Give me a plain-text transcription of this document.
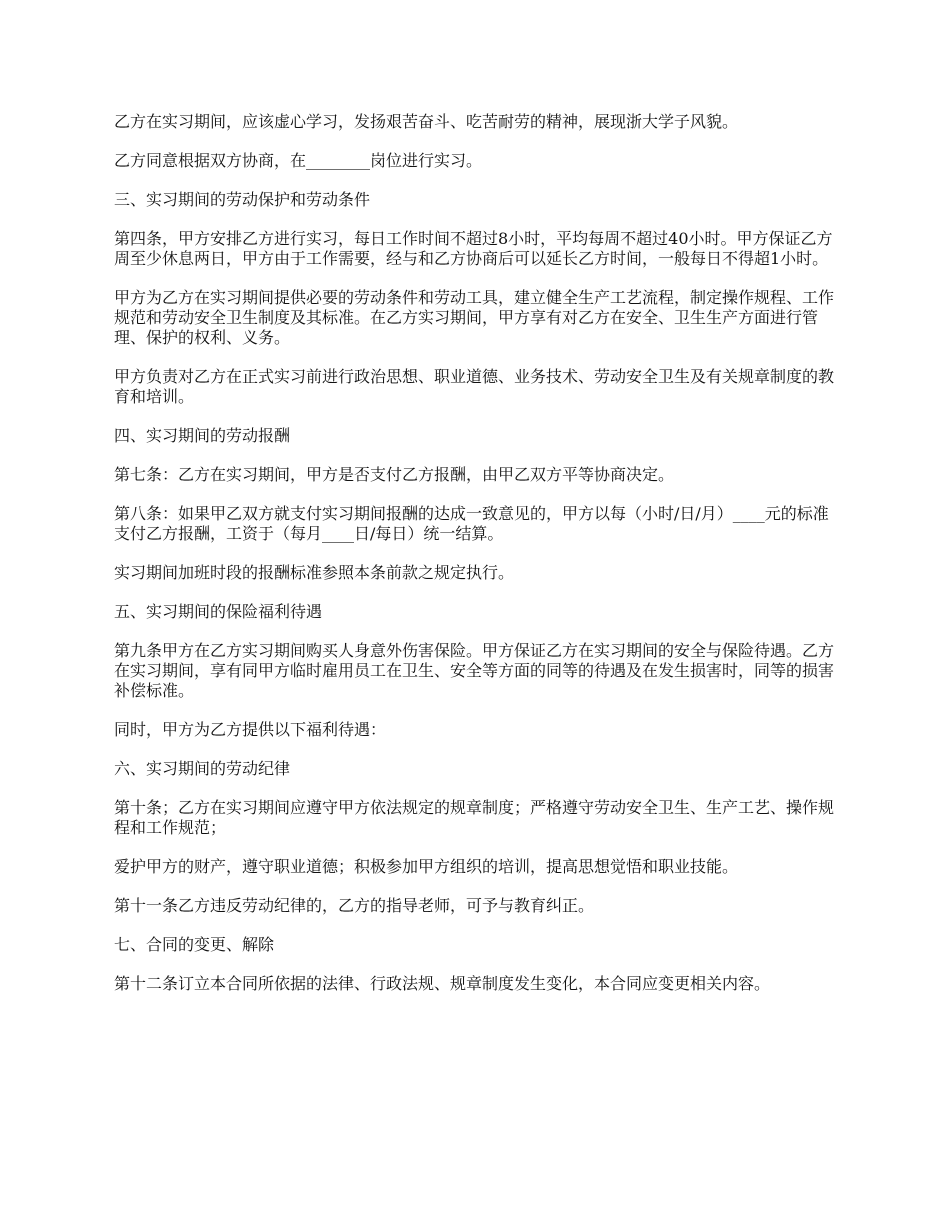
乙方在实习期间，应该虚心学习，发扬艰苦奋斗、吃苦耐劳的精神，展现浙大学子风貌。

乙方同意根据双方协商，在________岗位进行实习。

三、实习期间的劳动保护和劳动条件

第四条，甲方安排乙方进行实习，每日工作时间不超过8小时，平均每周不超过40小时。甲方保证乙方周至少休息两日，甲方由于工作需要，经与和乙方协商后可以延长乙方时间，一般每日不得超1小时。

甲方为乙方在实习期间提供必要的劳动条件和劳动工具，建立健全生产工艺流程，制定操作规程、工作规范和劳动安全卫生制度及其标准。在乙方实习期间，甲方享有对乙方在安全、卫生生产方面进行管理、保护的权利、义务。

甲方负责对乙方在正式实习前进行政治思想、职业道德、业务技术、劳动安全卫生及有关规章制度的教育和培训。

四、实习期间的劳动报酬

第七条：乙方在实习期间，甲方是否支付乙方报酬，由甲乙双方平等协商决定。

第八条：如果甲乙双方就支付实习期间报酬的达成一致意见的，甲方以每（小时/日/月）____元的标准支付乙方报酬，工资于（每月____日/每日）统一结算。

实习期间加班时段的报酬标准参照本条前款之规定执行。

五、实习期间的保险福利待遇

第九条甲方在乙方实习期间购买人身意外伤害保险。甲方保证乙方在实习期间的安全与保险待遇。乙方在实习期间，享有同甲方临时雇用员工在卫生、安全等方面的同等的待遇及在发生损害时，同等的损害补偿标准。

同时，甲方为乙方提供以下福利待遇：

六、实习期间的劳动纪律

第十条；乙方在实习期间应遵守甲方依法规定的规章制度；严格遵守劳动安全卫生、生产工艺、操作规程和工作规范；

爱护甲方的财产，遵守职业道德；积极参加甲方组织的培训，提高思想觉悟和职业技能。

第十一条乙方违反劳动纪律的，乙方的指导老师，可予与教育纠正。

七、合同的变更、解除

第十二条订立本合同所依据的法律、行政法规、规章制度发生变化，本合同应变更相关内容。
